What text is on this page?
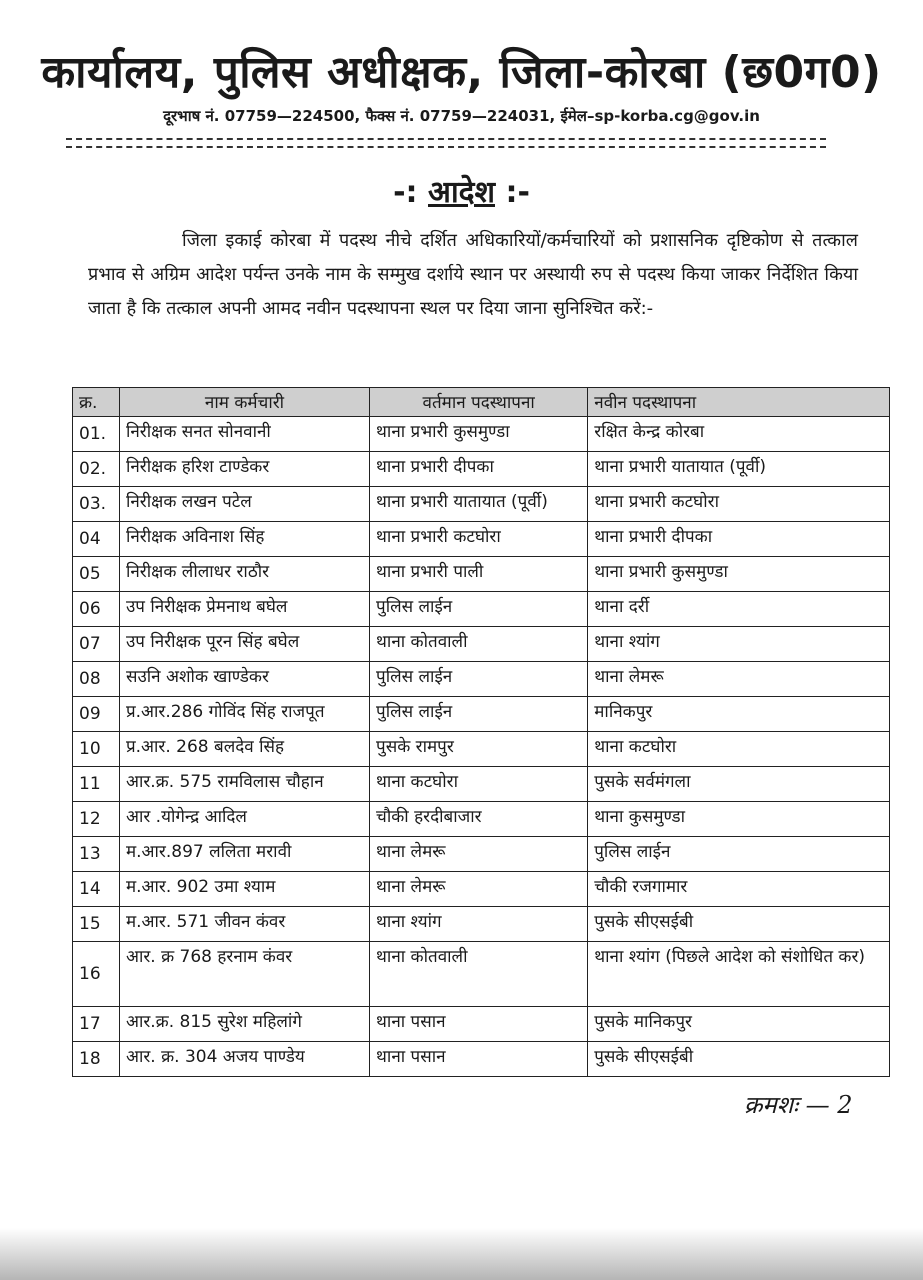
कार्यालय, पुलिस अधीक्षक, जिला-कोरबा (छ0ग0)
दूरभाष नं. 07759—224500, फैक्स नं. 07759—224031, ईमेल–sp-korba.cg@gov.in
-: आदेश :-
जिला इकाई कोरबा में पदस्थ नीचे दर्शित अधिकारियों/कर्मचारियों को प्रशासनिक दृष्टिकोण से तत्काल प्रभाव से अग्रिम आदेश पर्यन्त उनके नाम के सम्मुख दर्शाये स्थान पर अस्थायी रुप से पदस्थ किया जाकर निर्देशित किया जाता है कि तत्काल अपनी आमद नवीन पदस्थापना स्थल पर दिया जाना सुनिश्चित करें:-
क्र.	नाम कर्मचारी	वर्तमान पदस्थापना	नवीन पदस्थापना
01.	निरीक्षक सनत सोनवानी	थाना प्रभारी कुसमुण्डा	रक्षित केन्द्र कोरबा
02.	निरीक्षक हरिश टाण्डेकर	थाना प्रभारी दीपका	थाना प्रभारी यातायात (पूर्वी)
03.	निरीक्षक लखन पटेल	थाना प्रभारी यातायात (पूर्वी)	थाना प्रभारी कटघोरा
04	निरीक्षक अविनाश सिंह	थाना प्रभारी कटघोरा	थाना प्रभारी दीपका
05	निरीक्षक लीलाधर राठौर	थाना प्रभारी पाली	थाना प्रभारी कुसमुण्डा
06	उप निरीक्षक प्रेमनाथ बघेल	पुलिस लाईन	थाना दर्री
07	उप निरीक्षक पूरन सिंह बघेल	थाना कोतवाली	थाना श्यांग
08	सउनि अशोक खाण्डेकर	पुलिस लाईन	थाना लेमरू
09	प्र.आर.286 गोविंद सिंह राजपूत	पुलिस लाईन	मानिकपुर
10	प्र.आर. 268 बलदेव सिंह	पुसके रामपुर	थाना कटघोरा
11	आर.क्र. 575 रामविलास चौहान	थाना कटघोरा	पुसके सर्वमंगला
12	आर .योगेन्द्र आदिल	चौकी हरदीबाजार	थाना कुसमुण्डा
13	म.आर.897 ललिता मरावी	थाना लेमरू	पुलिस लाईन
14	म.आर. 902 उमा श्याम	थाना लेमरू	चौकी रजगामार
15	म.आर. 571 जीवन कंवर	थाना श्यांग	पुसके सीएसईबी
16	आर. क्र 768 हरनाम कंवर	थाना कोतवाली	थाना श्यांग (पिछले आदेश को संशोधित कर)
17	आर.क्र. 815 सुरेश महिलांगे	थाना पसान	पुसके मानिकपुर
18	आर. क्र. 304 अजय पाण्डेय	थाना पसान	पुसके सीएसईबी
क्रमशः — 2
